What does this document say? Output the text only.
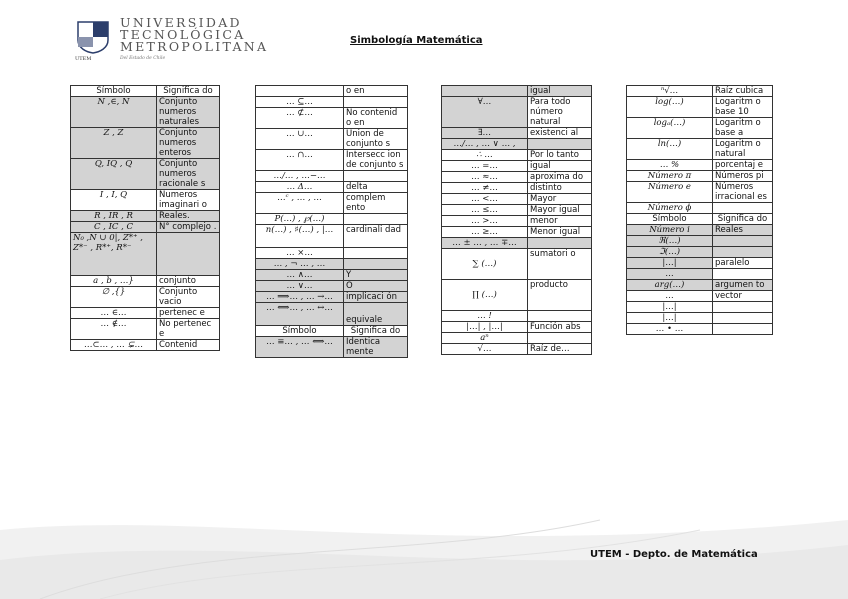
UTEM
UNIVERSIDAD
TECNOLÓGICA
METROPOLITANA
Del Estado de Chile
Simbología Matemática
Símbolo	Significa do
N ,∈, N	Conjunto numeros naturales
Z , Z	Conjunto numeros enteros
Q, IQ , Q	Conjunto numeros racionale s
I , I, Q	Numeros imaginari o
R , IR , R	Reales.
C , IC , C	N° complejo .
N₀ ,N ∪ 0|, Z*⁺ , Z*⁻ , R*⁺, R*⁻	
a , b , …}	conjunto
∅ ,{}	Conjunto vacio
… ∈…	pertenec e
… ∉…	No pertenec e
…⊂… , … ⊊…	Contenid
	o en
… ⊆…	
… ⊄…	No contenid o en
… ∪…	Union de conjunto s
… ∩…	Intersecc ion de conjunto s
…/… , …−…	
… Δ…	delta
…ᶜ , … , …	complem ento
P(…) , ℘(…)	
n(…) , ♯(…) , |…	cardinali dad
… ×…	
… , ¬ … , …	
… ∧…	Y
… ∨…	O
… ⟹… , … →…	implicaci ón
… ⟺… , … ↔…	equivale
Símbolo	Significa do
… ≡… , … ⟺…	Identica mente
	igual
∀…	Para todo número natural
∃…	existenci al
…/… , … ∨ … ,	
∴ …	Por lo tanto
… =…	igual
… ≈…	aproxima do
… ≠…	distinto
… <…	Mayor
… ≤…	Mayor igual
… >…	menor
… ≥…	Menor igual
… ± … , … ∓…	
∑ (…)	sumatori o
∏ (…)	producto
… !	
|…| , |…|	Función abs
aⁿ	
√…	Raíz de…
ⁿ√…	Raíz cubica
log(…)	Logaritm o base 10
logₐ(…)	Logaritm o base a
ln(…)	Logaritm o natural
… %	porcentaj e
Número π	Números pi
Número e	Números irracional es
Número ϕ	
Símbolo	Significa do
Número i	Reales
ℜ(…)	
ℑ(…)	
|…|	paralelo
…	
arg(…)	argumen to
…	vector
|…|	
|…|	
… • …	
UTEM - Depto. de Matemática
